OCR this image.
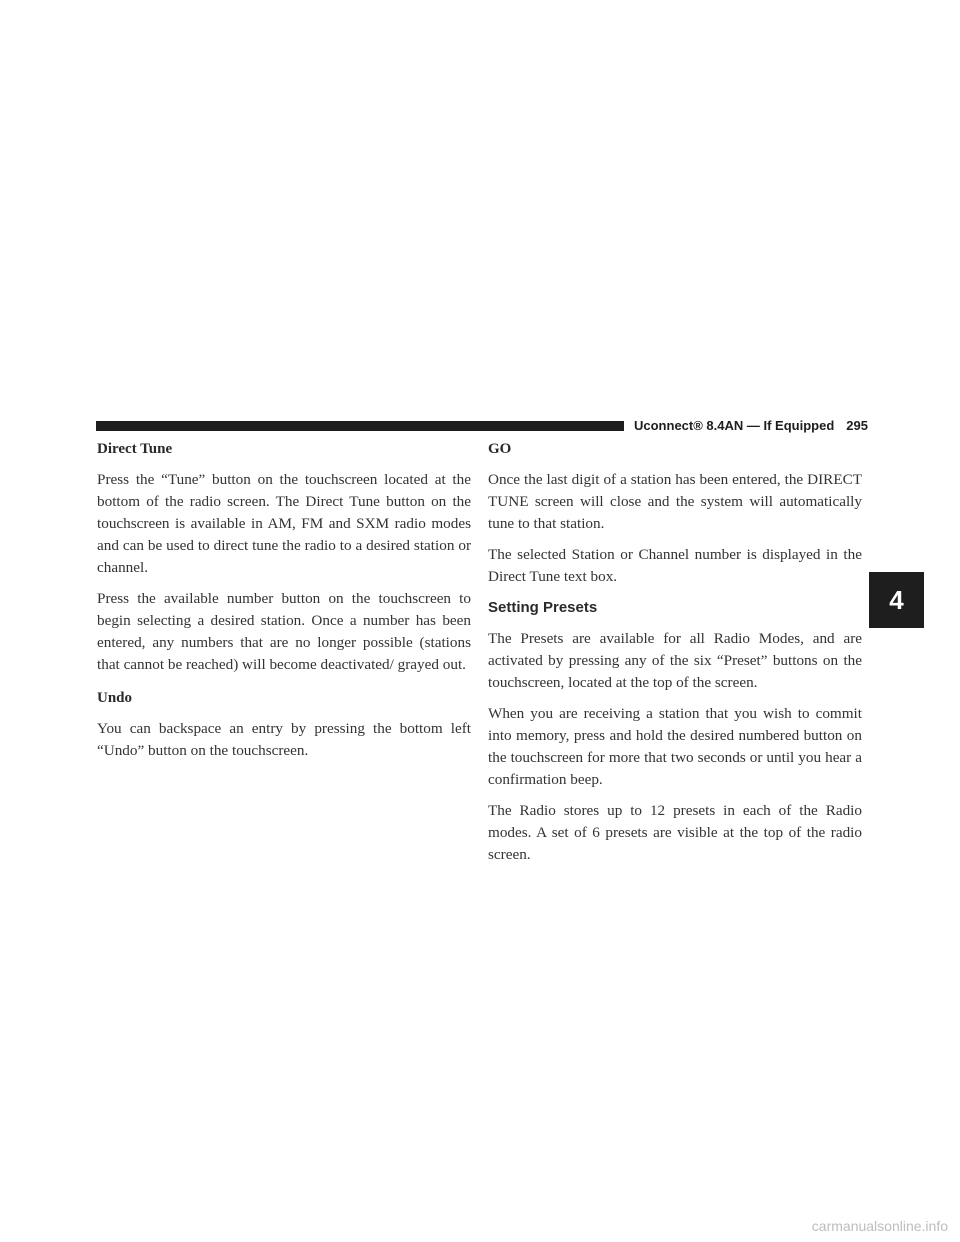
Uconnect® 8.4AN — If Equipped 295
Direct Tune

Press the “Tune” button on the touchscreen located at the bottom of the radio screen. The Direct Tune button on the touchscreen is available in AM, FM and SXM radio modes and can be used to direct tune the radio to a desired station or channel.

Press the available number button on the touchscreen to begin selecting a desired station. Once a number has been entered, any numbers that are no longer possible (stations that cannot be reached) will become deactivated/ grayed out.

Undo

You can backspace an entry by pressing the bottom left “Undo” button on the touchscreen.

GO

Once the last digit of a station has been entered, the DIRECT TUNE screen will close and the system will automatically tune to that station.

The selected Station or Channel number is displayed in the Direct Tune text box.

Setting Presets

The Presets are available for all Radio Modes, and are activated by pressing any of the six “Preset” buttons on the touchscreen, located at the top of the screen.

When you are receiving a station that you wish to commit into memory, press and hold the desired numbered button on the touchscreen for more that two seconds or until you hear a confirmation beep.

The Radio stores up to 12 presets in each of the Radio modes. A set of 6 presets are visible at the top of the radio screen.

4
carmanualsonline.info
